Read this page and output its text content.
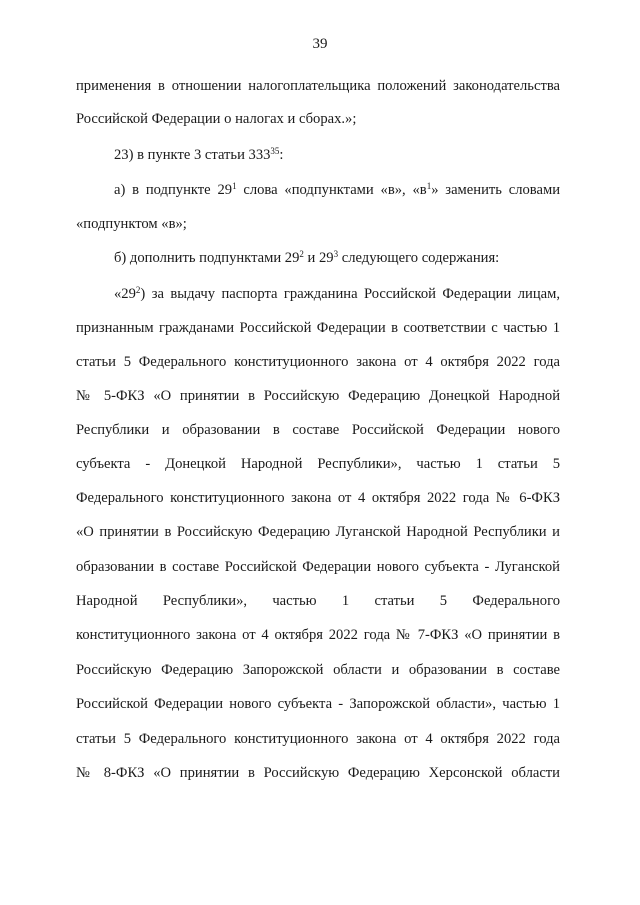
39
применения в отношении налогоплательщика положений законодательства
Российской Федерации о налогах и сборах.»;
23) в пункте 3 статьи $333^{35}$:
а) в подпункте $29^1$ слова «подпунктами «в», «$в^1$» заменить словами
«подпунктом «в»;
б) дополнить подпунктами $29^2$ и $29^3$ следующего содержания:
«$29^2$) за выдачу паспорта гражданина Российской Федерации лицам,
признанным гражданами Российской Федерации в соответствии с частью 1
статьи 5 Федерального конституционного закона от 4 октября 2022 года
№ 5-ФКЗ «О принятии в Российскую Федерацию Донецкой Народной
Республики и образовании в составе Российской Федерации нового
субъекта - Донецкой Народной Республики», частью 1 статьи 5
Федерального конституционного закона от 4 октября 2022 года № 6-ФКЗ
«О принятии в Российскую Федерацию Луганской Народной Республики и
образовании в составе Российской Федерации нового субъекта - Луганской
Народной Республики», частью 1 статьи 5 Федерального
конституционного закона от 4 октября 2022 года № 7-ФКЗ «О принятии в
Российскую Федерацию Запорожской области и образовании в составе
Российской Федерации нового субъекта - Запорожской области», частью 1
статьи 5 Федерального конституционного закона от 4 октября 2022 года
№ 8-ФКЗ «О принятии в Российскую Федерацию Херсонской области
